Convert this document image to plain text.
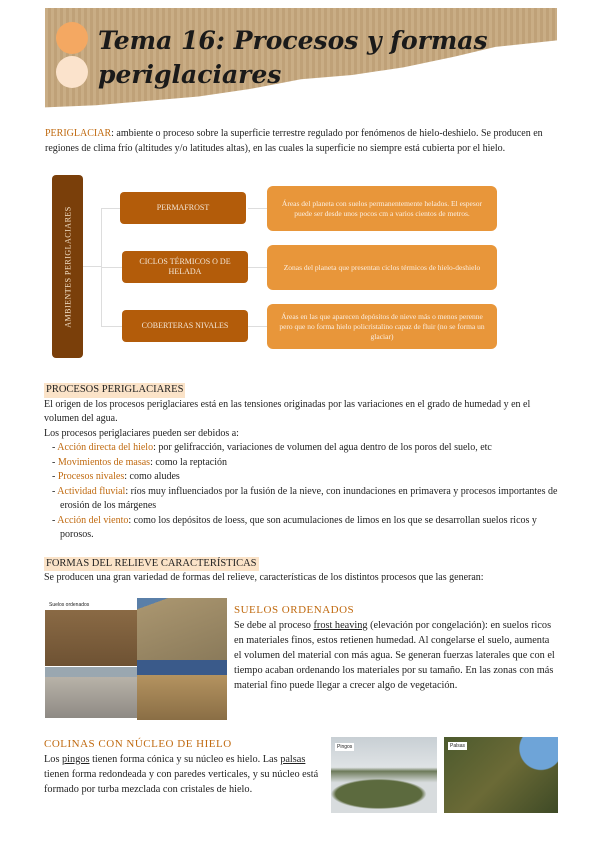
Tema 16: Procesos y formas
periglaciares

PERIGLACIAR: ambiente o proceso sobre la superficie terrestre regulado por fenómenos de hielo-deshielo. Se producen en regiones de clima frío (altitudes y/o latitudes altas), en las cuales la superficie no siempre está cubierta por el hielo.

AMBIENTES PERIGLACIARES	PERMAFROST
CICLOS TÉRMICOS O DE HELADA
COBERTERAS NIVALES
Áreas del planeta con suelos permanentemente helados. El espesor puede ser desde unos pocos cm a varios cientos de metros.
Zonas del planeta que presentan ciclos térmicos de hielo-deshielo
Áreas en las que aparecen depósitos de nieve más o menos perenne pero que no forma hielo policristalino capaz de fluir (no se forma un glaciar)
PROCESOS PERIGLACIARES

El origen de los procesos periglaciares está en las tensiones originadas por las variaciones en el grado de humedad y en el volumen del agua.

Los procesos periglaciares pueden ser debidos a:

- Acción directa del hielo: por gelifracción, variaciones de volumen del agua dentro de los poros del suelo, etc
- Movimientos de masas: como la reptación
- Procesos nivales: como aludes
- Actividad fluvial: ríos muy influenciados por la fusión de la nieve, con inundaciones en primavera y procesos importantes de erosión de los márgenes
- Acción del viento: como los depósitos de loess, que son acumulaciones de limos en los que se desarrollan suelos ricos y porosos.
FORMAS DEL RELIEVE CARACTERÍSTICAS

Se producen una gran variedad de formas del relieve, características de los distintos procesos que las generan:

Suelos ordenados	SUELOS ORDENADOS

Se debe al proceso frost heaving (elevación por congelación): en suelos ricos en materiales finos, estos retienen humedad. Al congelarse el suelo, aumenta el volumen del material con más agua. Se generan fuerzas laterales que con el tiempo acaban ordenando los materiales por su tamaño. En las zonas con más material fino puede llegar a crecer algo de vegetación.

COLINAS CON NÚCLEO DE HIELO

Los pingos tienen forma cónica y su núcleo es hielo. Las palsas tienen forma redondeada y con paredes verticales, y su núcleo está formado por turba mezclada con cristales de hielo.

Pingos	Palsas
